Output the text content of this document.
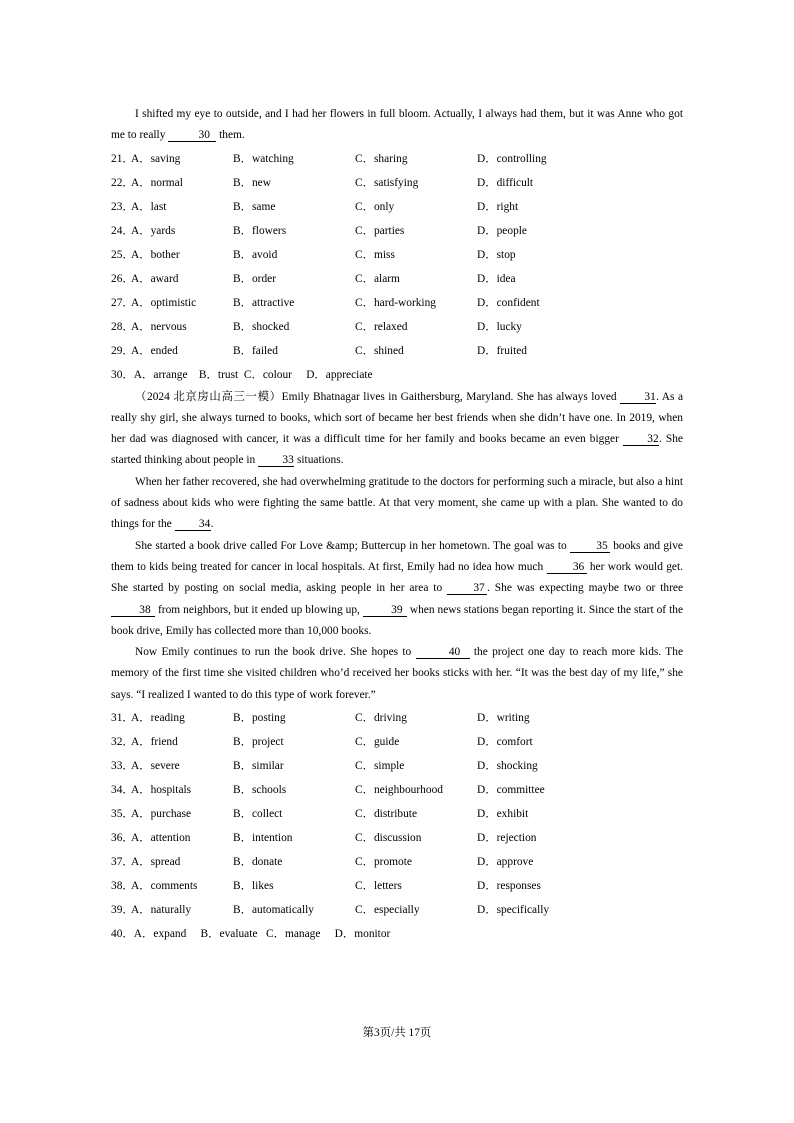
I shifted my eye to outside, and I had her flowers in full bloom. Actually, I always had them, but it was Anne who got me to really	30 them.

21．
A．saving	B．watching	C．sharing	D．controlling
22．
A．normal	B．new	C．satisfying	D．difficult
23．
A．last	B．same	C．only	D．right
24．
A．yards	B．flowers	C．parties	D．people
25．
A．bother	B．avoid	C．miss	D．stop
26．
A．award	B．order	C．alarm	D．idea
27．
A．optimistic	B．attractive	C．hard-working	D．confident
28．
A．nervous	B．shocked	C．relaxed	D．lucky
29．
A．ended	B．failed	C．shined	D．fruited
30．A．arrange    B．trust  C．colour     D．appreciate

（2024 北京房山高三一模）Emily Bhatnagar lives in Gaithersburg, Maryland. She has always loved 31. As a really shy girl, she always turned to books, which sort of became her best friends when she didn’t have one. In 2019, when her dad was diagnosed with cancer, it was a difficult time for her family and books became an even bigger 32. She started thinking about people in 33 situations.

When her father recovered, she had overwhelming gratitude to the doctors for performing such a miracle, but also a hint of sadness about kids who were fighting the same battle. At that very moment, she came up with a plan. She wanted to do things for the 34.

She started a book drive called For Love &amp; Buttercup in her hometown. The goal was to 35 books and give them to kids being treated for cancer in local hospitals. At first, Emily had no idea how much 36 her work would get. She started by posting on social media, asking people in her area to 37 . She was expecting maybe two or three 38 from neighbors, but it ended up blowing up, 39 when news stations began reporting it. Since the start of the book drive, Emily has collected more than 10,000 books.

Now Emily continues to run the book drive. She hopes to	40 the project one day to reach more kids. The memory of the first time she visited children who’d received her books sticks with her. “It was the best day of my life,” she says. “I realized I wanted to do this type of work forever.”

31．
A．reading	B．posting	C．driving	D．writing
32．
A．friend	B．project	C．guide	D．comfort
33．
A．severe	B．similar	C．simple	D．shocking
34．
A．hospitals	B．schools	C．neighbourhood	D．committee
35．
A．purchase	B．collect	C．distribute	D．exhibit
36．
A．attention	B．intention	C．discussion	D．rejection
37．
A．spread	B．donate	C．promote	D．approve
38．
A．comments	B．likes	C．letters	D．responses
39．
A．naturally	B．automatically	C．especially	D．specifically
40．A．expand     B．evaluate   C．manage     D．monitor
第3页/共 17页
